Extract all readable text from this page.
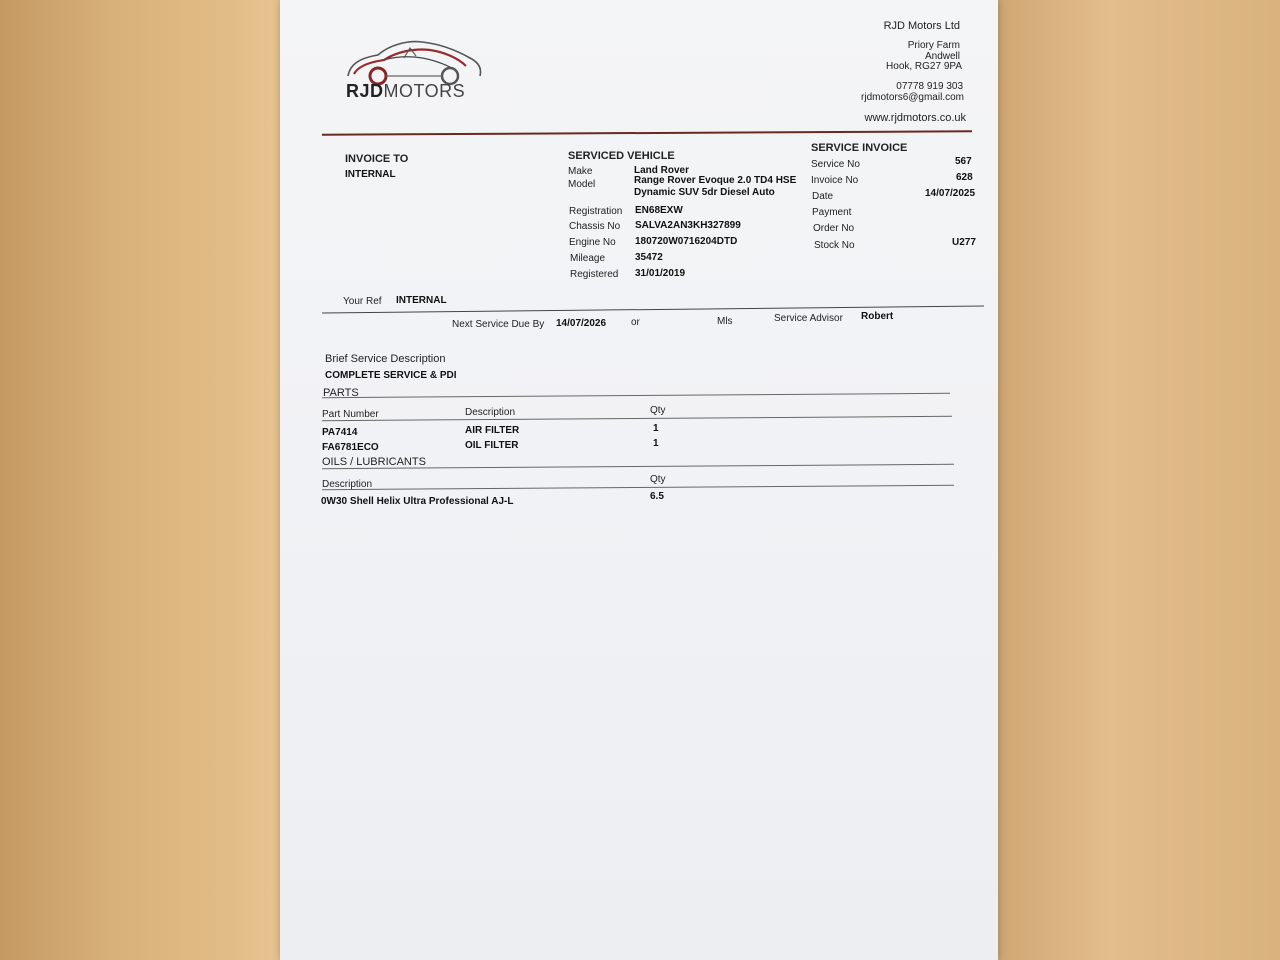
RJDMOTORS
RJD Motors Ltd
Priory Farm
Andwell
Hook, RG27 9PA
07778 919 303
rjdmotors6@gmail.com
www.rjdmotors.co.uk
INVOICE TO
INTERNAL
SERVICED VEHICLE
Make	Land Rover
Model	Range Rover Evoque 2.0 TD4 HSE
Dynamic SUV 5dr Diesel Auto
Registration EN68EXW
Chassis No SALVA2AN3KH327899
Engine No 180720W0716204DTD
Mileage	35472
Registered 31/01/2019
SERVICE INVOICE
Service No	567
Invoice No	628
Date	14/07/2025
Payment
Order No
Stock No	U277
Your Ref INTERNAL
Next Service Due By 14/07/2026 or	Mls	Service Advisor Robert
Brief Service Description
COMPLETE SERVICE & PDI
PARTS
Part Number	Description	Qty
PA7414	AIR FILTER	1
FA6781ECO	OIL FILTER	1
OILS / LUBRICANTS
Description	Qty
0W30 Shell Helix Ultra Professional AJ-L	6.5
